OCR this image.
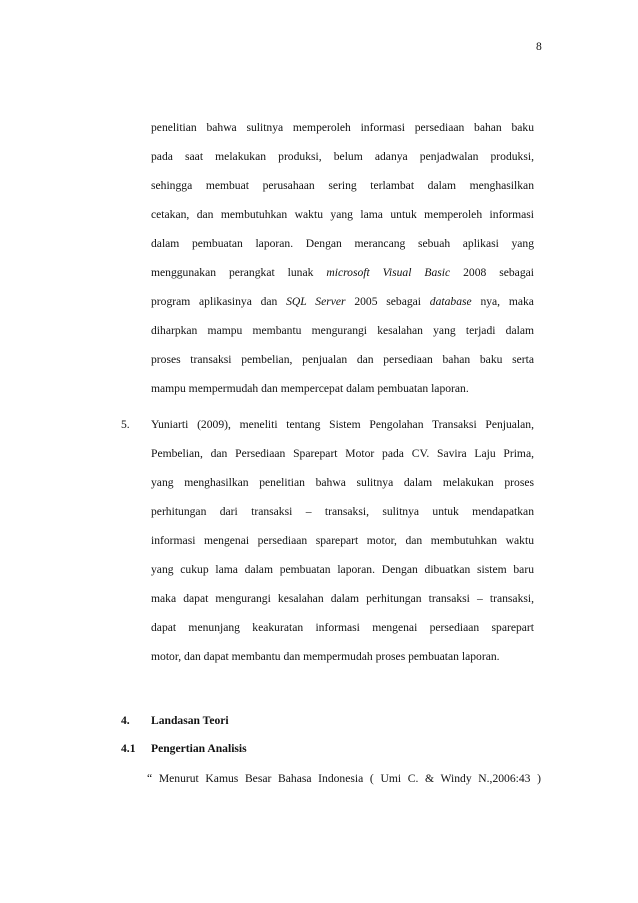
8
penelitian bahwa sulitnya memperoleh informasi persediaan bahan baku
pada saat melakukan produksi, belum adanya penjadwalan produksi,
sehingga membuat perusahaan sering terlambat dalam menghasilkan
cetakan, dan membutuhkan waktu yang lama untuk memperoleh informasi
dalam pembuatan laporan. Dengan merancang sebuah aplikasi yang
menggunakan perangkat lunak microsoft Visual Basic 2008 sebagai
program aplikasinya dan SQL Server 2005 sebagai database nya, maka
diharpkan mampu membantu mengurangi kesalahan yang terjadi dalam
proses transaksi pembelian, penjualan dan persediaan bahan baku serta
mampu mempermudah dan mempercepat dalam pembuatan laporan.
5. Yuniarti (2009), meneliti tentang Sistem Pengolahan Transaksi Penjualan,
Pembelian, dan Persediaan Sparepart Motor pada CV. Savira Laju Prima,
yang menghasilkan penelitian bahwa sulitnya dalam melakukan proses
perhitungan dari transaksi – transaksi, sulitnya untuk mendapatkan
informasi mengenai persediaan sparepart motor, dan membutuhkan waktu
yang cukup lama dalam pembuatan laporan. Dengan dibuatkan sistem baru
maka dapat mengurangi kesalahan dalam perhitungan transaksi – transaksi,
dapat menunjang keakuratan informasi mengenai persediaan sparepart
motor, dan dapat membantu dan mempermudah proses pembuatan laporan.
4. Landasan Teori
4.1 Pengertian Analisis
“ Menurut Kamus Besar Bahasa Indonesia ( Umi C. & Windy N.,2006:43 )
